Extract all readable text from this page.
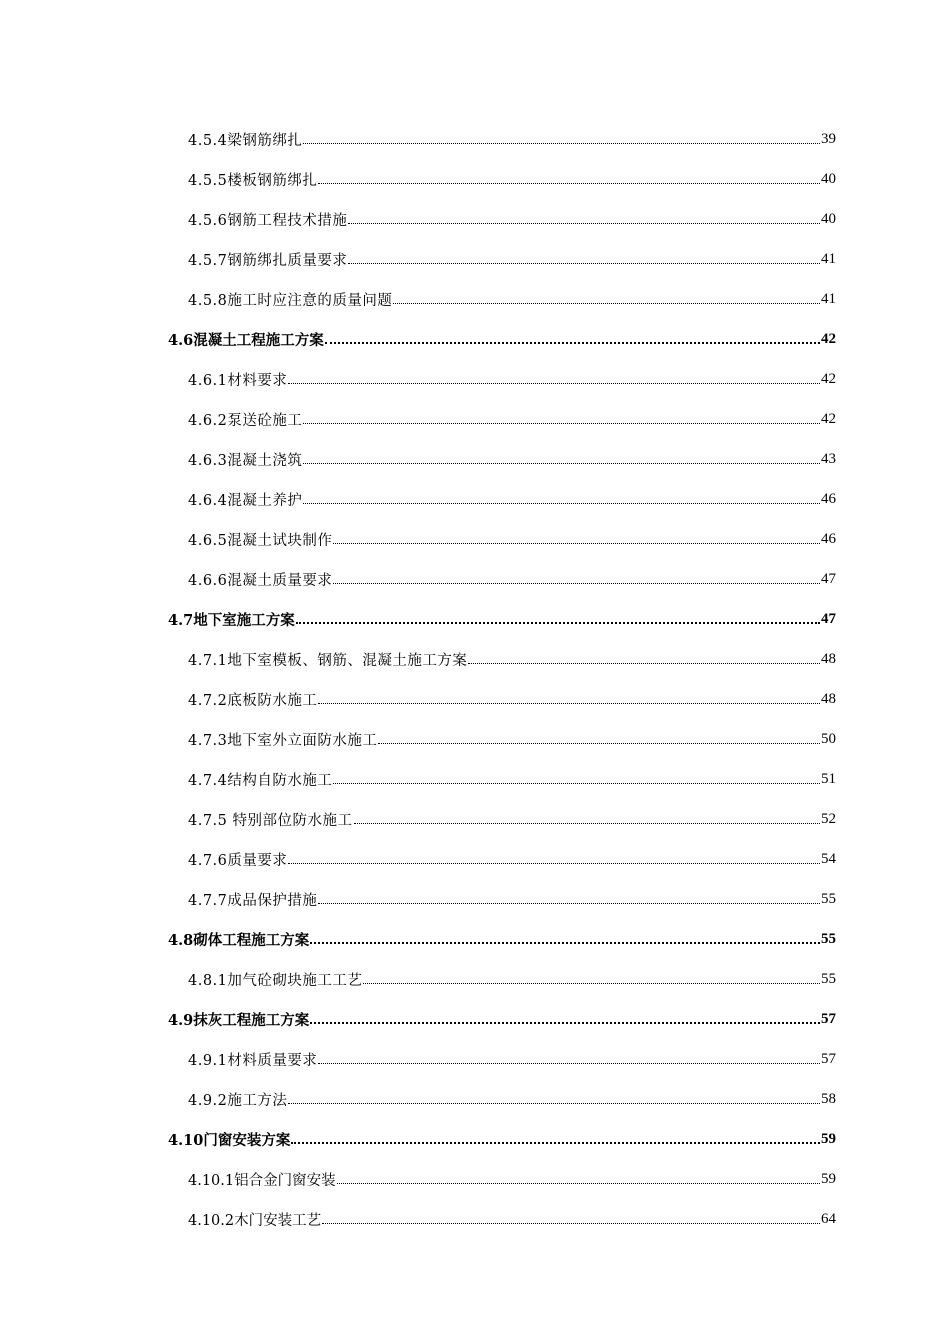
4.5.4梁钢筋绑扎	39
4.5.5楼板钢筋绑扎	40
4.5.6钢筋工程技术措施	40
4.5.7钢筋绑扎质量要求	41
4.5.8施工时应注意的质量问题	41
4.6混凝土工程施工方案	42
4.6.1材料要求	42
4.6.2泵送砼施工	42
4.6.3混凝土浇筑	43
4.6.4混凝土养护	46
4.6.5混凝土试块制作	46
4.6.6混凝土质量要求	47
4.7地下室施工方案	47
4.7.1地下室模板、钢筋、混凝土施工方案	48
4.7.2底板防水施工	48
4.7.3地下室外立面防水施工	50
4.7.4结构自防水施工	51
4.7.5 特别部位防水施工	52
4.7.6质量要求	54
4.7.7成品保护措施	55
4.8砌体工程施工方案	55
4.8.1加气砼砌块施工工艺	55
4.9抹灰工程施工方案	57
4.9.1材料质量要求	57
4.9.2施工方法	58
4.10门窗安装方案	59
4.10.1铝合金门窗安装	59
4.10.2木门安装工艺	64
